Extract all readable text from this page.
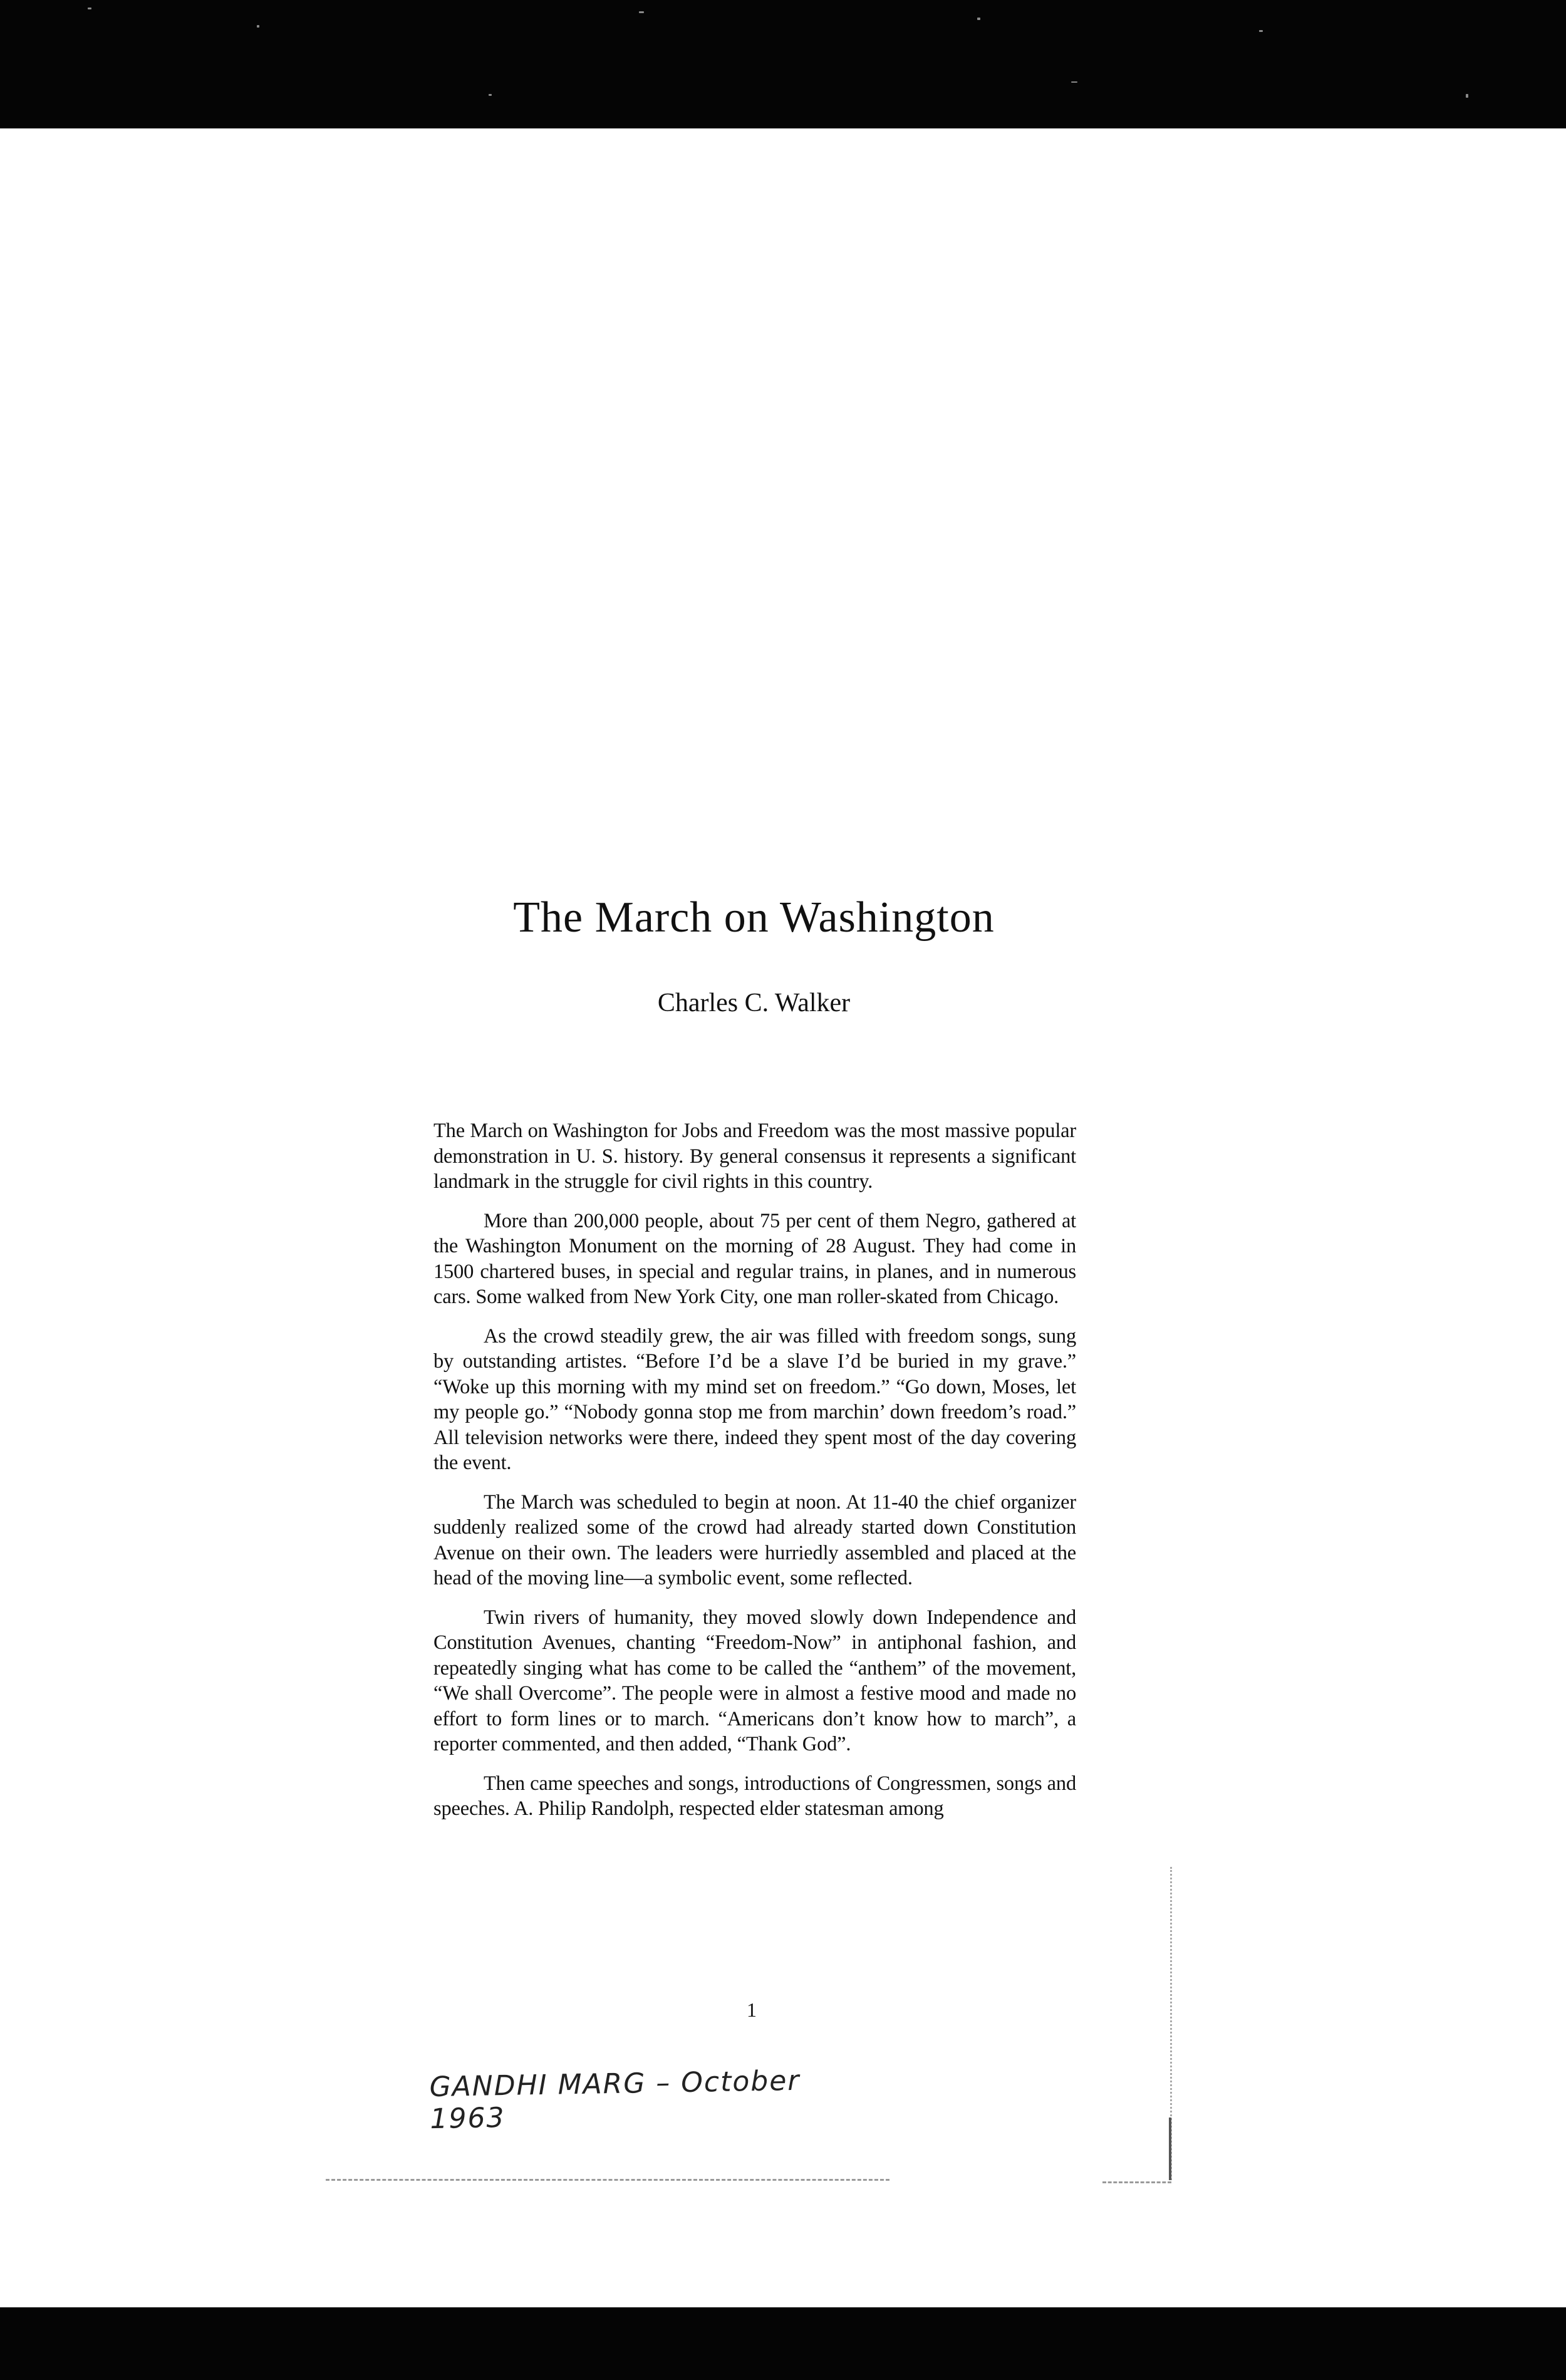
The March on Washington
Charles C. Walker

The March on Washington for Jobs and Freedom was the most massive popular demonstration in U. S. history. By general consensus it represents a significant landmark in the struggle for civil rights in this country.

More than 200,000 people, about 75 per cent of them Negro, gathered at the Washington Monument on the morning of 28 August. They had come in 1500 chartered buses, in special and regular trains, in planes, and in numerous cars. Some walked from New York City, one man roller-skated from Chicago.

As the crowd steadily grew, the air was filled with freedom songs, sung by outstanding artistes. “Before I’d be a slave I’d be buried in my grave.” “Woke up this morning with my mind set on freedom.” “Go down, Moses, let my people go.” “Nobody gonna stop me from marchin’ down freedom’s road.” All television networks were there, indeed they spent most of the day covering the event.

The March was scheduled to begin at noon. At 11-40 the chief organizer suddenly realized some of the crowd had already started down Constitution Avenue on their own. The leaders were hurriedly assembled and placed at the head of the moving line—a symbolic event, some reflected.

Twin rivers of humanity, they moved slowly down Independence and Constitution Avenues, chanting “Freedom-Now” in antiphonal fashion, and repeatedly singing what has come to be called the “anthem” of the movement, “We shall Overcome”. The people were in almost a festive mood and made no effort to form lines or to march. “Americans don’t know how to march”, a reporter commented, and then added, “Thank God”.

Then came speeches and songs, introductions of Congressmen, songs and speeches. A. Philip Randolph, respected elder statesman among

1
GANDHI MARG – October 1963
